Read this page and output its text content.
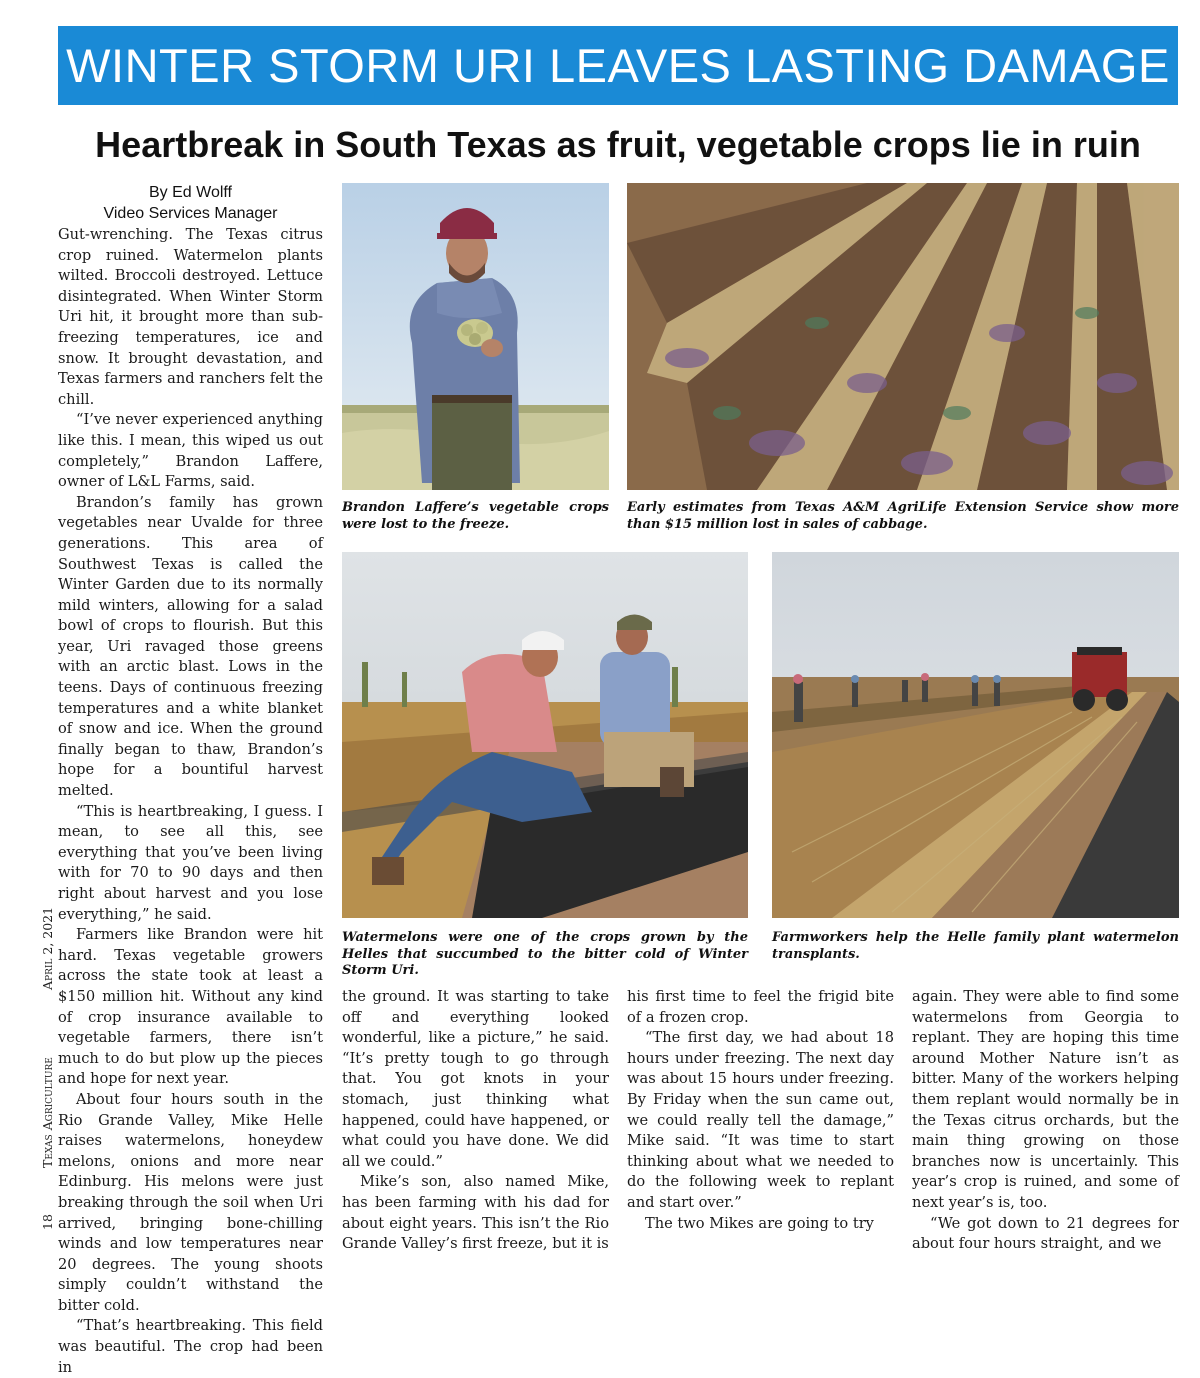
WINTER STORM URI LEAVES LASTING DAMAGE
Heartbreak in South Texas as fruit, vegetable crops lie in ruin
By Ed Wolff
Video Services Manager

Gut-wrenching. The Texas citrus crop ruined. Watermelon plants wilted. Broccoli destroyed. Lettuce disintegrated. When Winter Storm Uri hit, it brought more than sub-freezing temperatures, ice and snow. It brought devastation, and Texas farmers and ranchers felt the chill.

“I’ve never experienced anything like this. I mean, this wiped us out completely,” Brandon Laffere, owner of L&L Farms, said.

Brandon’s family has grown vegetables near Uvalde for three generations. This area of Southwest Texas is called the Winter Garden due to its normally mild winters, allowing for a salad bowl of crops to flourish. But this year, Uri ravaged those greens with an arctic blast. Lows in the teens. Days of continuous freezing temperatures and a white blanket of snow and ice. When the ground finally began to thaw, Brandon’s hope for a bountiful harvest melted.

“This is heartbreaking, I guess. I mean, to see all this, see everything that you’ve been living with for 70 to 90 days and then right about harvest and you lose everything,” he said.

Farmers like Brandon were hit hard. Texas vegetable growers across the state took at least a $150 million hit. Without any kind of crop insurance available to vegetable farmers, there isn’t much to do but plow up the pieces and hope for next year.

About four hours south in the Rio Grande Valley, Mike Helle raises watermelons, honeydew melons, onions and more near Edinburg. His melons were just breaking through the soil when Uri arrived, bringing bone-chilling winds and low temperatures near 20 degrees. The young shoots simply couldn’t withstand the bitter cold.

“That’s heartbreaking. This field was beautiful. The crop had been in

18
Texas Agriculture
April 2, 2021
Brandon Laffere’s vegetable crops were lost to the freeze.
Early estimates from Texas A&M AgriLife Extension Service show more than $15 million lost in sales of cabbage.
Watermelons were one of the crops grown by the Helles that succumbed to the bitter cold of Winter Storm Uri.
Farmworkers help the Helle family plant watermelon transplants.

the ground. It was starting to take off and everything looked wonderful, like a picture,” he said. “It’s pretty tough to go through that. You got knots in your stomach, just thinking what happened, could have happened, or what could you have done. We did all we could.”

Mike’s son, also named Mike, has been farming with his dad for about eight years. This isn’t the Rio Grande Valley’s first freeze, but it is

his first time to feel the frigid bite of a frozen crop.

“The first day, we had about 18 hours under freezing. The next day was about 15 hours under freezing. By Friday when the sun came out, we could really tell the damage,” Mike said. “It was time to start thinking about what we needed to do the following week to replant and start over.”

The two Mikes are going to try

again. They were able to find some watermelons from Georgia to replant. They are hoping this time around Mother Nature isn’t as bitter. Many of the workers helping them replant would normally be in the Texas citrus orchards, but the main thing growing on those branches now is uncertainly. This year’s crop is ruined, and some of next year’s is, too.

“We got down to 21 degrees for about four hours straight, and we
